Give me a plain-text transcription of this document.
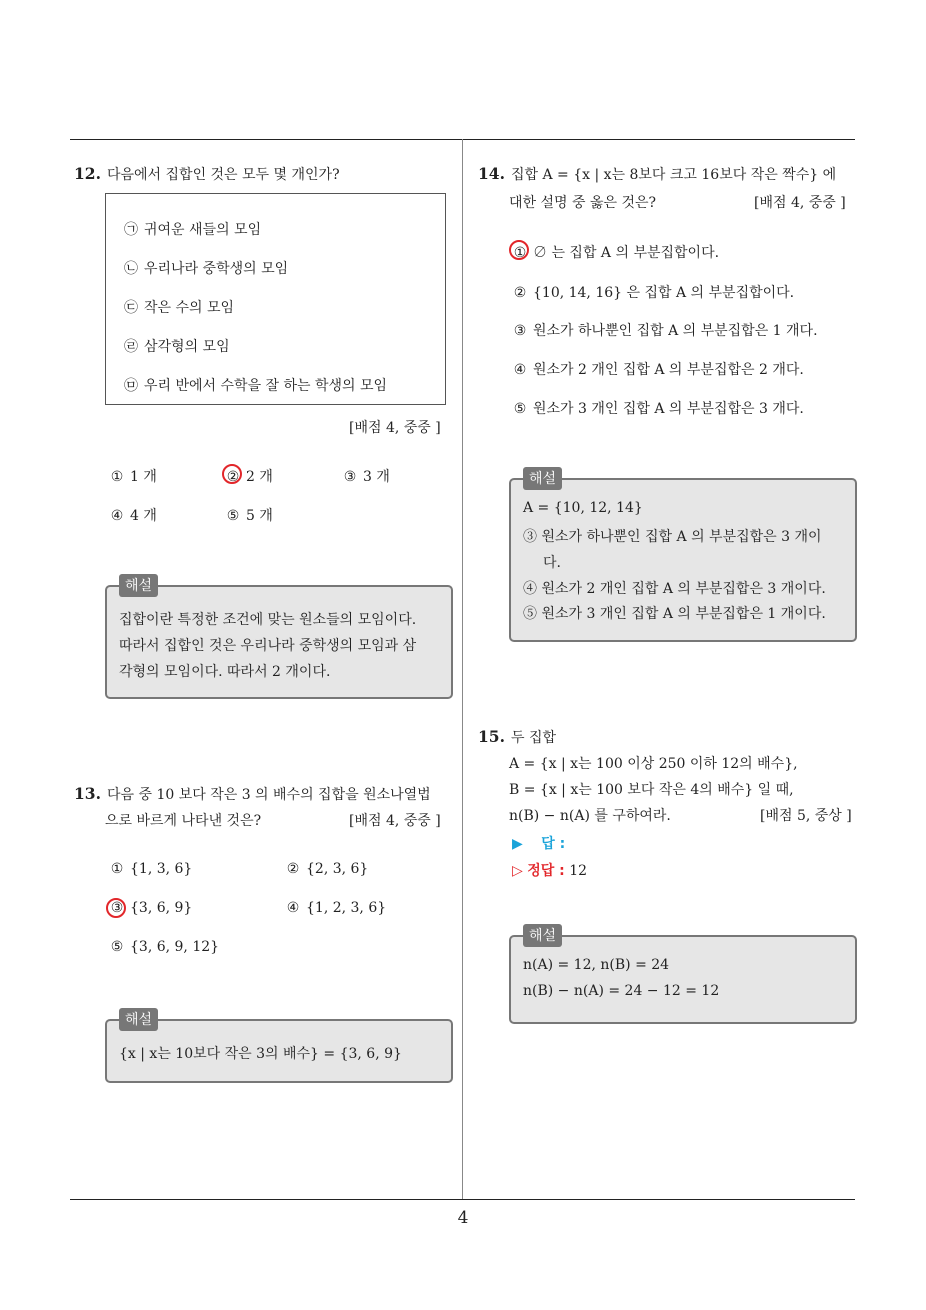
4
12. 다음에서 집합인 것은 모두 몇 개인가?
㉠ 귀여운 새들의 모임
㉡ 우리나라 중학생의 모임
㉢ 작은 수의 모임
㉣ 삼각형의 모임
㉤ 우리 반에서 수학을 잘 하는 학생의 모임
[배점 4, 중중 ]
① 1 개	② 2 개	③ 3 개
④ 4 개	⑤ 5 개
집합이란 특정한 조건에 맞는 원소들의 모임이다.
따라서 집합인 것은 우리나라 중학생의 모임과 삼
각형의 모임이다. 따라서 2 개이다.
해설
13. 다음 중 10 보다 작은 3 의 배수의 집합을 원소나열법
으로 바르게 나타낸 것은?	[배점 4, 중중 ]
① {1, 3, 6}	② {2, 3, 6}
③ {3, 6, 9}	④ {1, 2, 3, 6}
⑤ {3, 6, 9, 12}
{x | x는 10보다 작은 3의 배수} = {3, 6, 9}
해설
14. 집합 A = {x | x는 8보다 크고 16보다 작은 짝수} 에
대한 설명 중 옳은 것은?	[배점 4, 중중 ]
① ∅ 는 집합 A 의 부분집합이다.
② {10, 14, 16} 은 집합 A 의 부분집합이다.
③ 원소가 하나뿐인 집합 A 의 부분집합은 1 개다.
④ 원소가 2 개인 집합 A 의 부분집합은 2 개다.
⑤ 원소가 3 개인 집합 A 의 부분집합은 3 개다.
A = {10, 12, 14}
③ 원소가 하나뿐인 집합 A 의 부분집합은 3 개이
다.
④ 원소가 2 개인 집합 A 의 부분집합은 3 개이다.
⑤ 원소가 3 개인 집합 A 의 부분집합은 1 개이다.
해설
15. 두 집합
A = {x | x는 100 이상 250 이하 12의 배수},
B = {x | x는 100 보다 작은 4의 배수} 일 때,
n(B) − n(A) 를 구하여라.	[배점 5, 중상 ]
▶ 답 :
▷ 정답 : 12
n(A) = 12, n(B) = 24
n(B) − n(A) = 24 − 12 = 12
해설
